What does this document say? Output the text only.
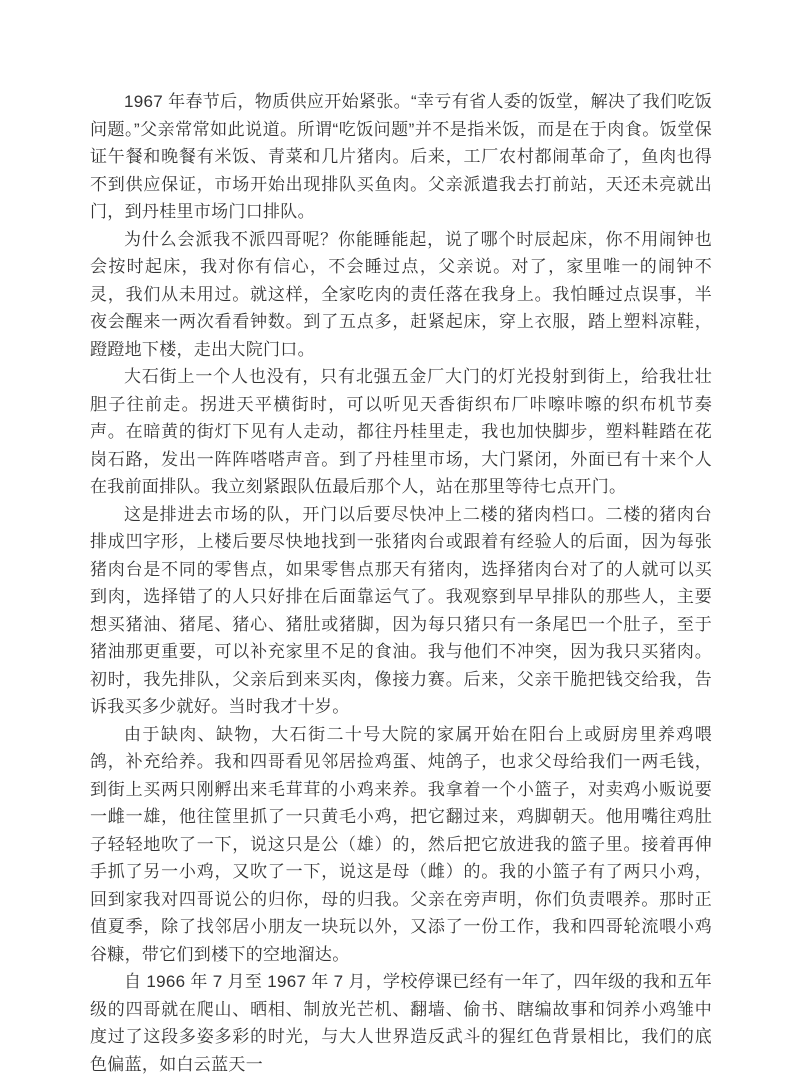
1967 年春节后，物质供应开始紧张。“幸亏有省人委的饭堂，解决了我们吃饭问题。”父亲常常如此说道。所谓“吃饭问题”并不是指米饭，而是在于肉食。饭堂保证午餐和晚餐有米饭、青菜和几片猪肉。后来，工厂农村都闹革命了，鱼肉也得不到供应保证，市场开始出现排队买鱼肉。父亲派遣我去打前站，天还未亮就出门，到丹桂里市场门口排队。

为什么会派我不派四哥呢？你能睡能起，说了哪个时辰起床，你不用闹钟也会按时起床，我对你有信心，不会睡过点，父亲说。对了，家里唯一的闹钟不灵，我们从未用过。就这样，全家吃肉的责任落在我身上。我怕睡过点误事，半夜会醒来一两次看看钟数。到了五点多，赶紧起床，穿上衣服，踏上塑料凉鞋，蹬蹬地下楼，走出大院门口。

大石街上一个人也没有，只有北强五金厂大门的灯光投射到街上，给我壮壮胆子往前走。拐进天平横街时，可以听见天香街织布厂咔嚓咔嚓的织布机节奏声。在暗黄的街灯下见有人走动，都往丹桂里走，我也加快脚步，塑料鞋踏在花岗石路，发出一阵阵嗒嗒声音。到了丹桂里市场，大门紧闭，外面已有十来个人在我前面排队。我立刻紧跟队伍最后那个人，站在那里等待七点开门。

这是排进去市场的队，开门以后要尽快冲上二楼的猪肉档口。二楼的猪肉台排成凹字形，上楼后要尽快地找到一张猪肉台或跟着有经验人的后面，因为每张猪肉台是不同的零售点，如果零售点那天有猪肉，选择猪肉台对了的人就可以买到肉，选择错了的人只好排在后面靠运气了。我观察到早早排队的那些人，主要想买猪油、猪尾、猪心、猪肚或猪脚，因为每只猪只有一条尾巴一个肚子，至于猪油那更重要，可以补充家里不足的食油。我与他们不冲突，因为我只买猪肉。初时，我先排队，父亲后到来买肉，像接力赛。后来，父亲干脆把钱交给我，告诉我买多少就好。当时我才十岁。

由于缺肉、缺物，大石街二十号大院的家属开始在阳台上或厨房里养鸡喂鸽，补充给养。我和四哥看见邻居捡鸡蛋、炖鸽子，也求父母给我们一两毛钱，到街上买两只刚孵出来毛茸茸的小鸡来养。我拿着一个小篮子，对卖鸡小贩说要一雌一雄，他往筐里抓了一只黄毛小鸡，把它翻过来，鸡脚朝天。他用嘴往鸡肚子轻轻地吹了一下，说这只是公（雄）的，然后把它放进我的篮子里。接着再伸手抓了另一小鸡，又吹了一下，说这是母（雌）的。我的小篮子有了两只小鸡，回到家我对四哥说公的归你，母的归我。父亲在旁声明，你们负责喂养。那时正值夏季，除了找邻居小朋友一块玩以外，又添了一份工作，我和四哥轮流喂小鸡谷糠，带它们到楼下的空地溜达。

自 1966 年 7 月至 1967 年 7 月，学校停课已经有一年了，四年级的我和五年级的四哥就在爬山、晒相、制放光芒机、翻墙、偷书、瞎编故事和饲养小鸡雏中度过了这段多姿多彩的时光，与大人世界造反武斗的猩红色背景相比，我们的底色偏蓝，如白云蓝天一
